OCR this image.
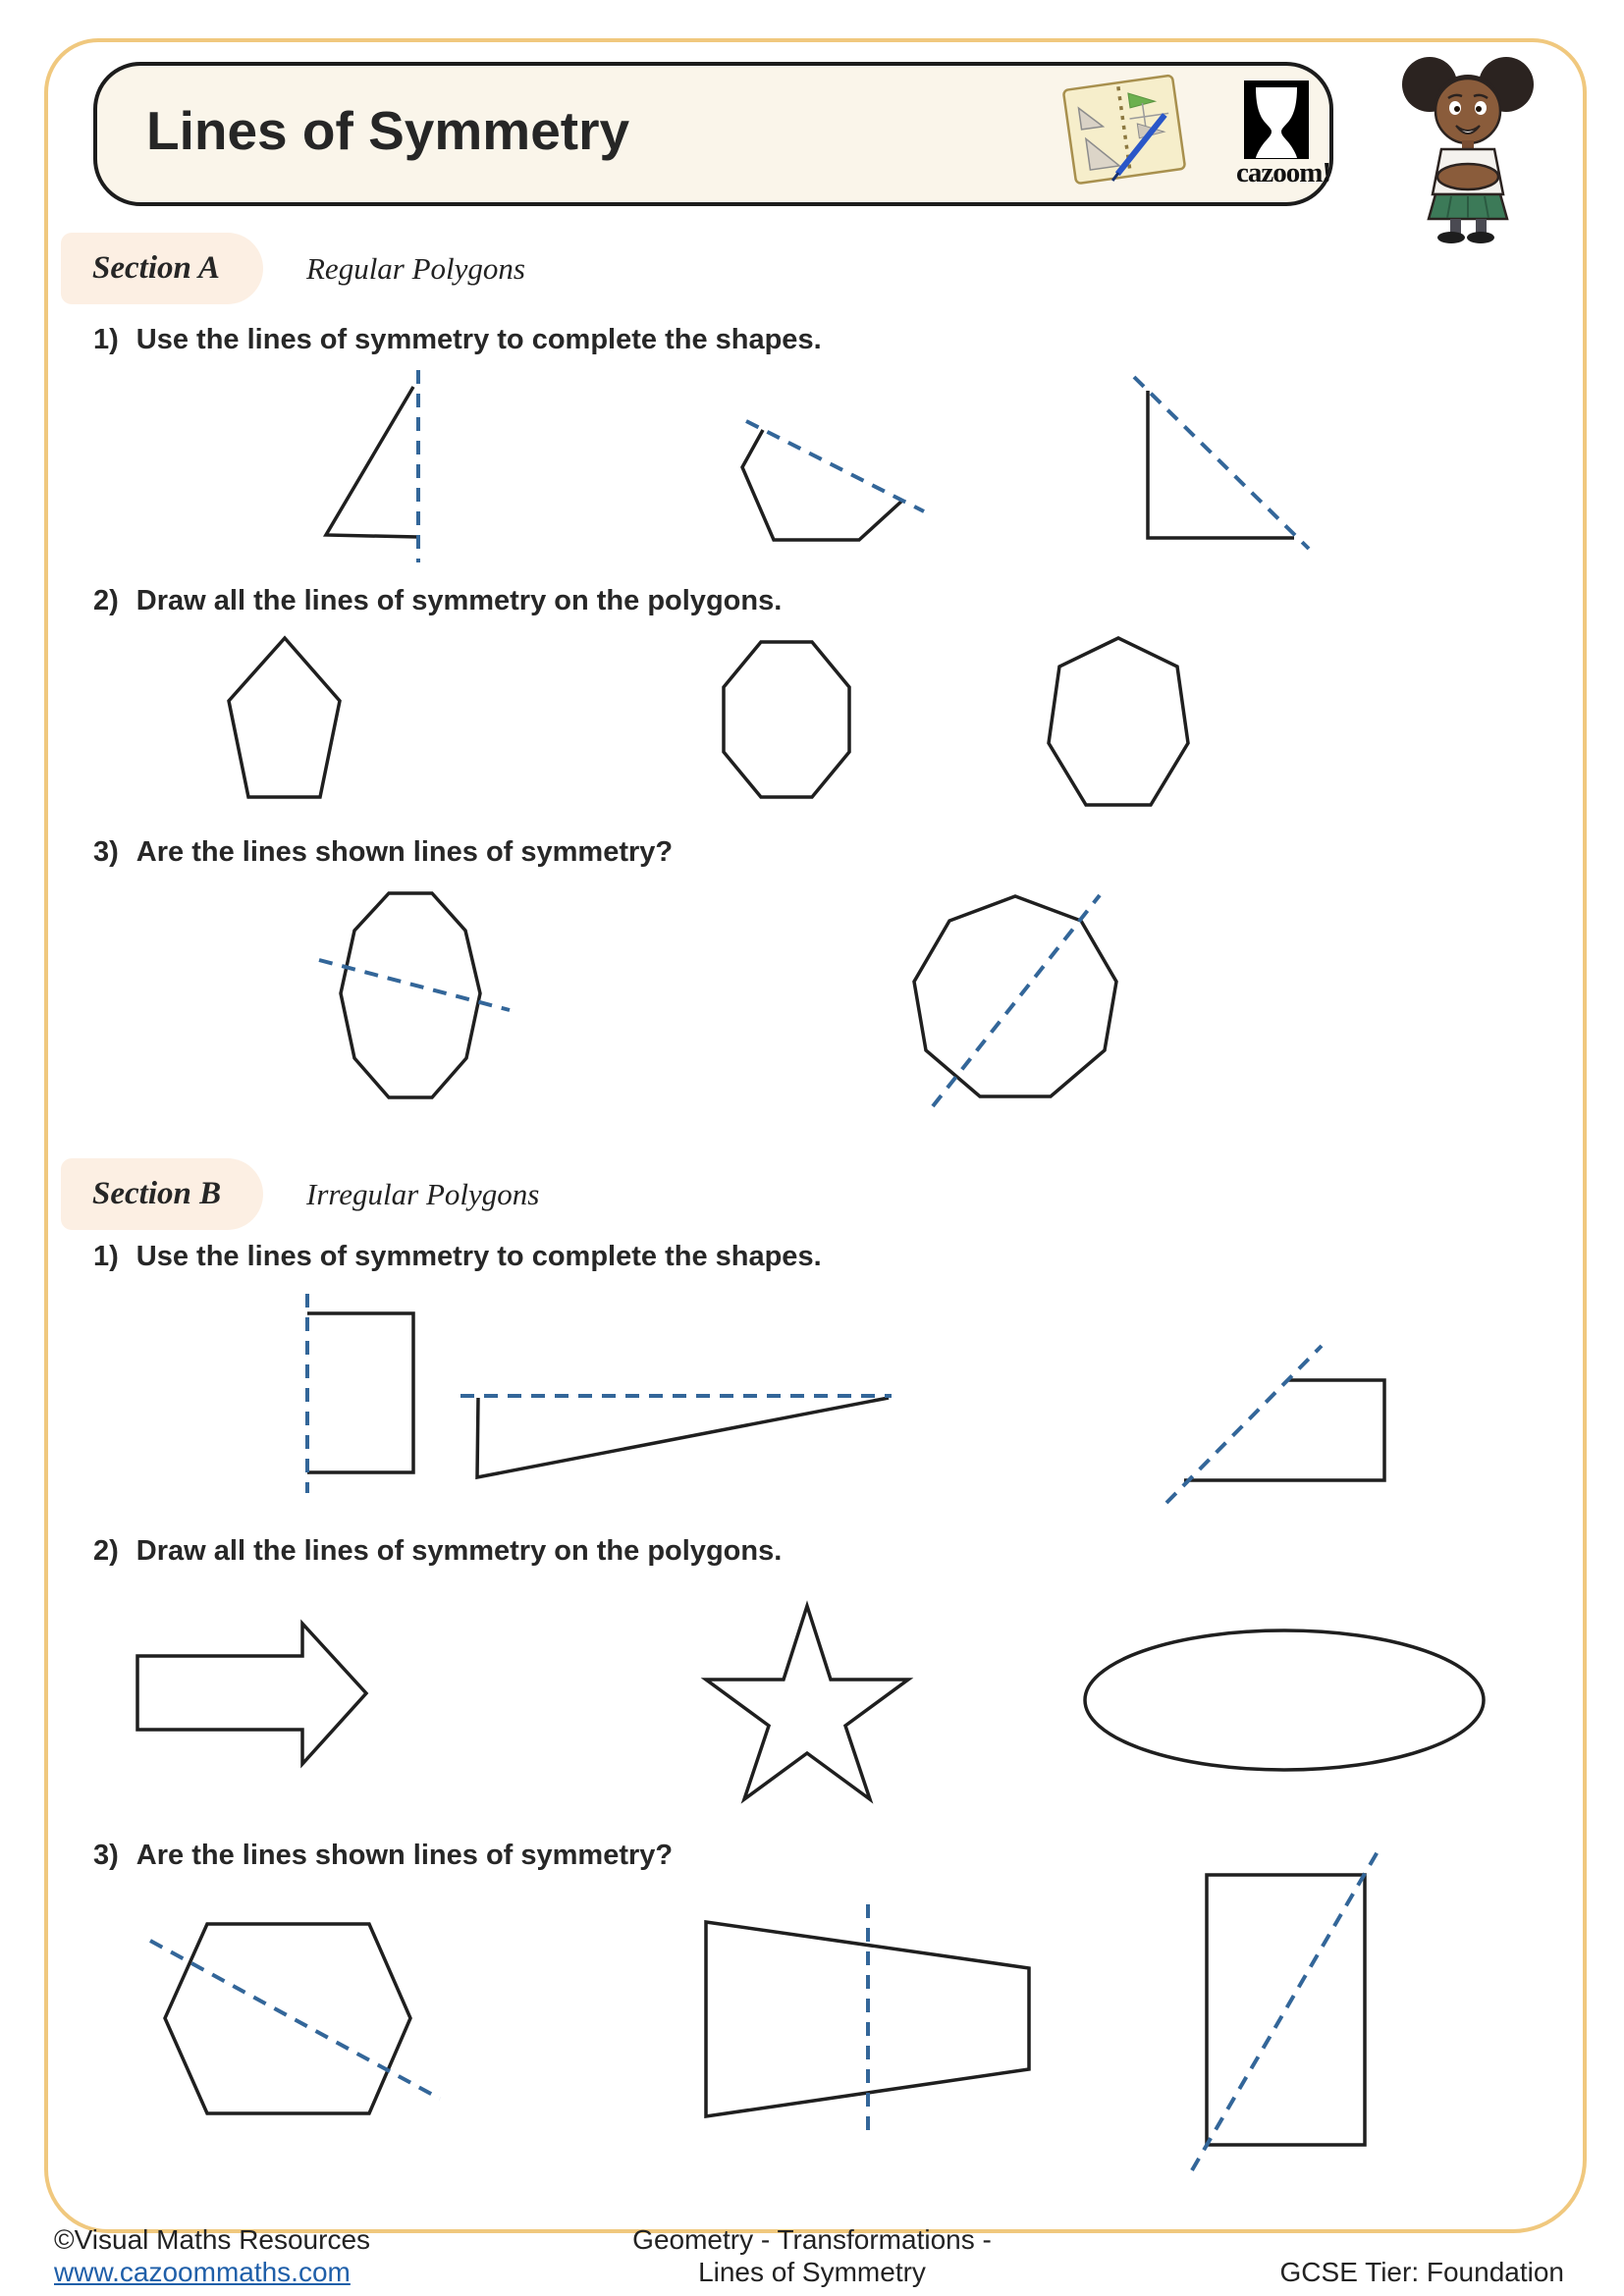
Lines of Symmetry
cazoom!
Section A	Regular Polygons
1) Use the lines of symmetry to complete the shapes.
2) Draw all the lines of symmetry on the polygons.
3) Are the lines shown lines of symmetry?
Section B	Irregular Polygons
1) Use the lines of symmetry to complete the shapes.
2) Draw all the lines of symmetry on the polygons.
3) Are the lines shown lines of symmetry?
©Visual Maths Resources
www.cazoommaths.com
Geometry - Transformations -
Lines of Symmetry	GCSE Tier: Foundation
